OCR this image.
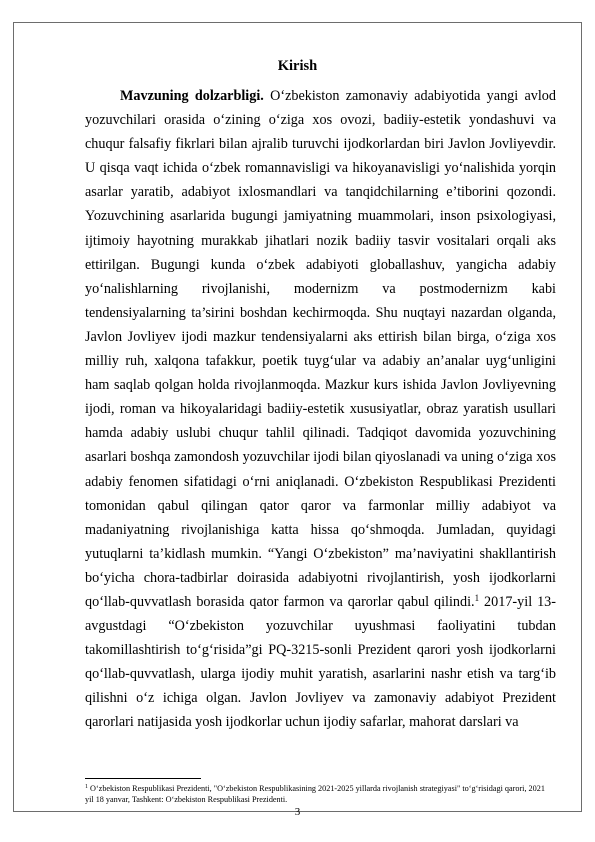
Kirish

Mavzuning dolzarbligi. O‘zbekiston zamonaviy adabiyotida yangi avlod yozuvchilari orasida o‘zining o‘ziga xos ovozi, badiiy-estetik yondashuvi va chuqur falsafiy fikrlari bilan ajralib turuvchi ijodkorlardan biri Javlon Jovliyevdir. U qisqa vaqt ichida o‘zbek romannavisligi va hikoyanavisligi yo‘nalishida yorqin asarlar yaratib, adabiyot ixlosmandlari va tanqidchilarning e’tiborini qozondi. Yozuvchining asarlarida bugungi jamiyatning muammolari, inson psixologiyasi, ijtimoiy hayotning murakkab jihatlari nozik badiiy tasvir vositalari orqali aks ettirilgan. Bugungi kunda o‘zbek adabiyoti globallashuv, yangicha adabiy yo‘nalishlarning rivojlanishi, modernizm va postmodernizm kabi tendensiyalarning ta’sirini boshdan kechirmoqda. Shu nuqtayi nazardan olganda, Javlon Jovliyev ijodi mazkur tendensiyalarni aks ettirish bilan birga, o‘ziga xos milliy ruh, xalqona tafakkur, poetik tuyg‘ular va adabiy an’analar uyg‘unligini ham saqlab qolgan holda rivojlanmoqda. Mazkur kurs ishida Javlon Jovliyevning ijodi, roman va hikoyalaridagi badiiy-estetik xususiyatlar, obraz yaratish usullari hamda adabiy uslubi chuqur tahlil qilinadi. Tadqiqot davomida yozuvchining asarlari boshqa zamondosh yozuvchilar ijodi bilan qiyoslanadi va uning o‘ziga xos adabiy fenomen sifatidagi o‘rni aniqlanadi. O‘zbekiston Respublikasi Prezidenti tomonidan qabul qilingan qator qaror va farmonlar milliy adabiyot va madaniyatning rivojlanishiga katta hissa qo‘shmoqda. Jumladan, quyidagi yutuqlarni ta’kidlash mumkin. “Yangi O‘zbekiston” ma’naviyatini shakllantirish bo‘yicha chora-tadbirlar doirasida adabiyotni rivojlantirish, yosh ijodkorlarni qo‘llab-quvvatlash borasida qator farmon va qarorlar qabul qilindi.$^1$ 2017-yil 13-avgustdagi “O‘zbekiston yozuvchilar uyushmasi faoliyatini tubdan takomillashtirish to‘g‘risida”gi PQ-3215-sonli Prezident qarori yosh ijodkorlarni qo‘llab-quvvatlash, ularga ijodiy muhit yaratish, asarlarini nashr etish va targ‘ib qilishni o‘z ichiga olgan. Javlon Jovliyev va zamonaviy adabiyot Prezident qarorlari natijasida yosh ijodkorlar uchun ijodiy safarlar, mahorat darslari va

$^1$ O‘zbekiston Respublikasi Prezidenti, "O‘zbekiston Respublikasining 2021-2025 yillarda rivojlanish strategiyasi" to‘g‘risidagi qarori, 2021 yil 18 yanvar, Tashkent: O‘zbekiston Respublikasi Prezidenti.
3
